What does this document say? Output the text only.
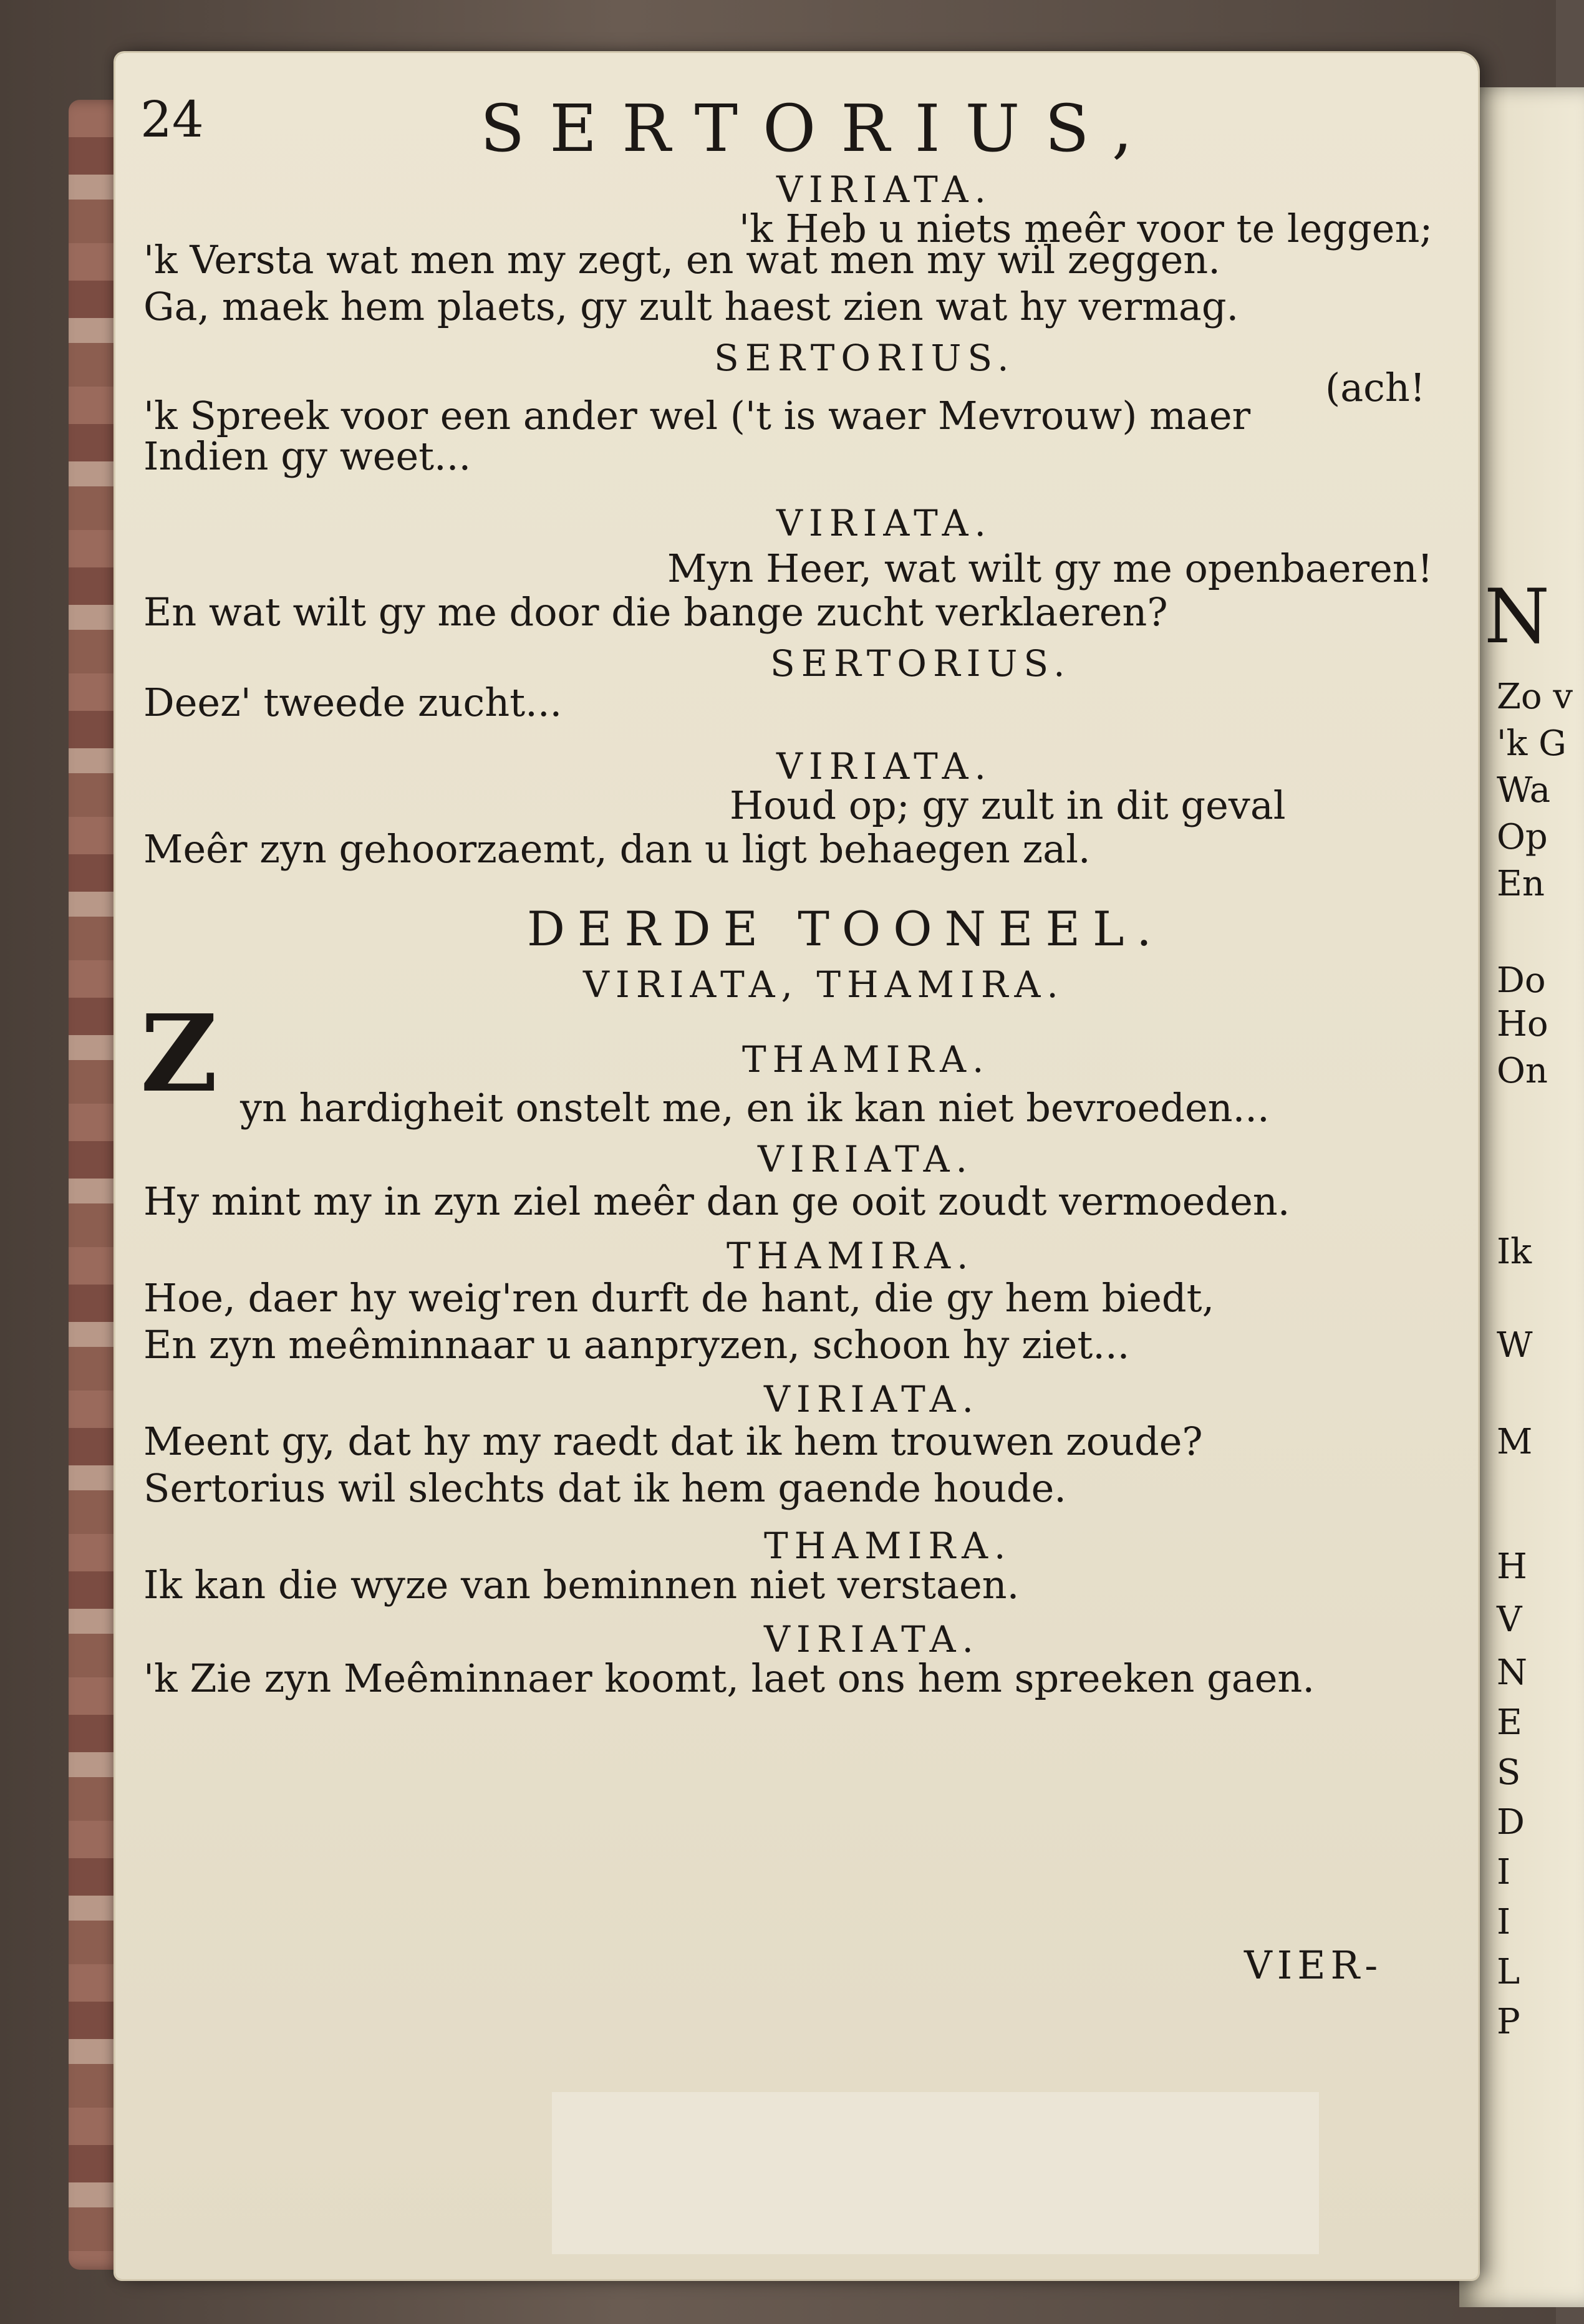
N
Zo v
'k G
Wa
Op
En
Do
Ho
On
Ik
W
M
H
V
N
E
S
D
I
I
L
P
24	SERTORIUS,
VIER-
VIRIATA.
'k Heb u niets meêr voor te leggen;
'k Versta wat men my zegt, en wat men my wil zeggen.
Ga, maek hem plaets, gy zult haest zien wat hy vermag.
SERTORIUS.
(ach!
'k Spreek voor een ander wel ('t is waer Mevrouw) maer
Indien gy weet...
VIRIATA.
Myn Heer, wat wilt gy me openbaeren!
En wat wilt gy me door die bange zucht verklaeren?
SERTORIUS.
Deez' tweede zucht...
VIRIATA.
Houd op; gy zult in dit geval
Meêr zyn gehoorzaemt, dan u ligt behaegen zal.
DERDE TOONEEL.
VIRIATA, THAMIRA.
THAMIRA.
Z yn hardigheit onstelt me, en ik kan niet bevroeden...
VIRIATA.
Hy mint my in zyn ziel meêr dan ge ooit zoudt vermoeden.
THAMIRA.
Hoe, daer hy weig'ren durft de hant, die gy hem biedt,
En zyn meêminnaar u aanpryzen, schoon hy ziet...
VIRIATA.
Meent gy, dat hy my raedt dat ik hem trouwen zoude?
Sertorius wil slechts dat ik hem gaende houde.
THAMIRA.
Ik kan die wyze van beminnen niet verstaen.
VIRIATA.
'k Zie zyn Meêminnaer koomt, laet ons hem spreeken gaen.
